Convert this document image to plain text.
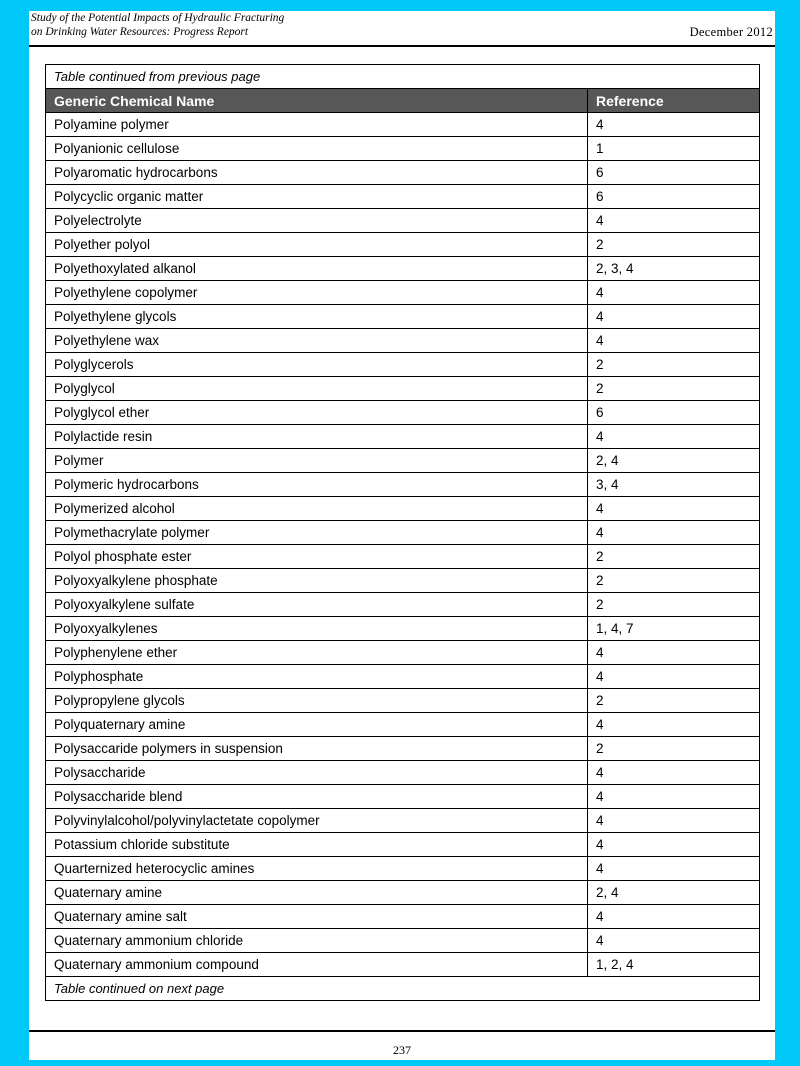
Study of the Potential Impacts of Hydraulic Fracturing
on Drinking Water Resources: Progress Report	December 2012
Table continued from previous page	
Generic Chemical Name	Reference
Polyamine polymer	4
Polyanionic cellulose	1
Polyaromatic hydrocarbons	6
Polycyclic organic matter	6
Polyelectrolyte	4
Polyether polyol	2
Polyethoxylated alkanol	2, 3, 4
Polyethylene copolymer	4
Polyethylene glycols	4
Polyethylene wax	4
Polyglycerols	2
Polyglycol	2
Polyglycol ether	6
Polylactide resin	4
Polymer	2, 4
Polymeric hydrocarbons	3, 4
Polymerized alcohol	4
Polymethacrylate polymer	4
Polyol phosphate ester	2
Polyoxyalkylene phosphate	2
Polyoxyalkylene sulfate	2
Polyoxyalkylenes	1, 4, 7
Polyphenylene ether	4
Polyphosphate	4
Polypropylene glycols	2
Polyquaternary amine	4
Polysaccaride polymers in suspension	2
Polysaccharide	4
Polysaccharide blend	4
Polyvinylalcohol/polyvinylactetate copolymer	4
Potassium chloride substitute	4
Quarternized heterocyclic amines	4
Quaternary amine	2, 4
Quaternary amine salt	4
Quaternary ammonium chloride	4
Quaternary ammonium compound	1, 2, 4
Table continued on next page	
237
